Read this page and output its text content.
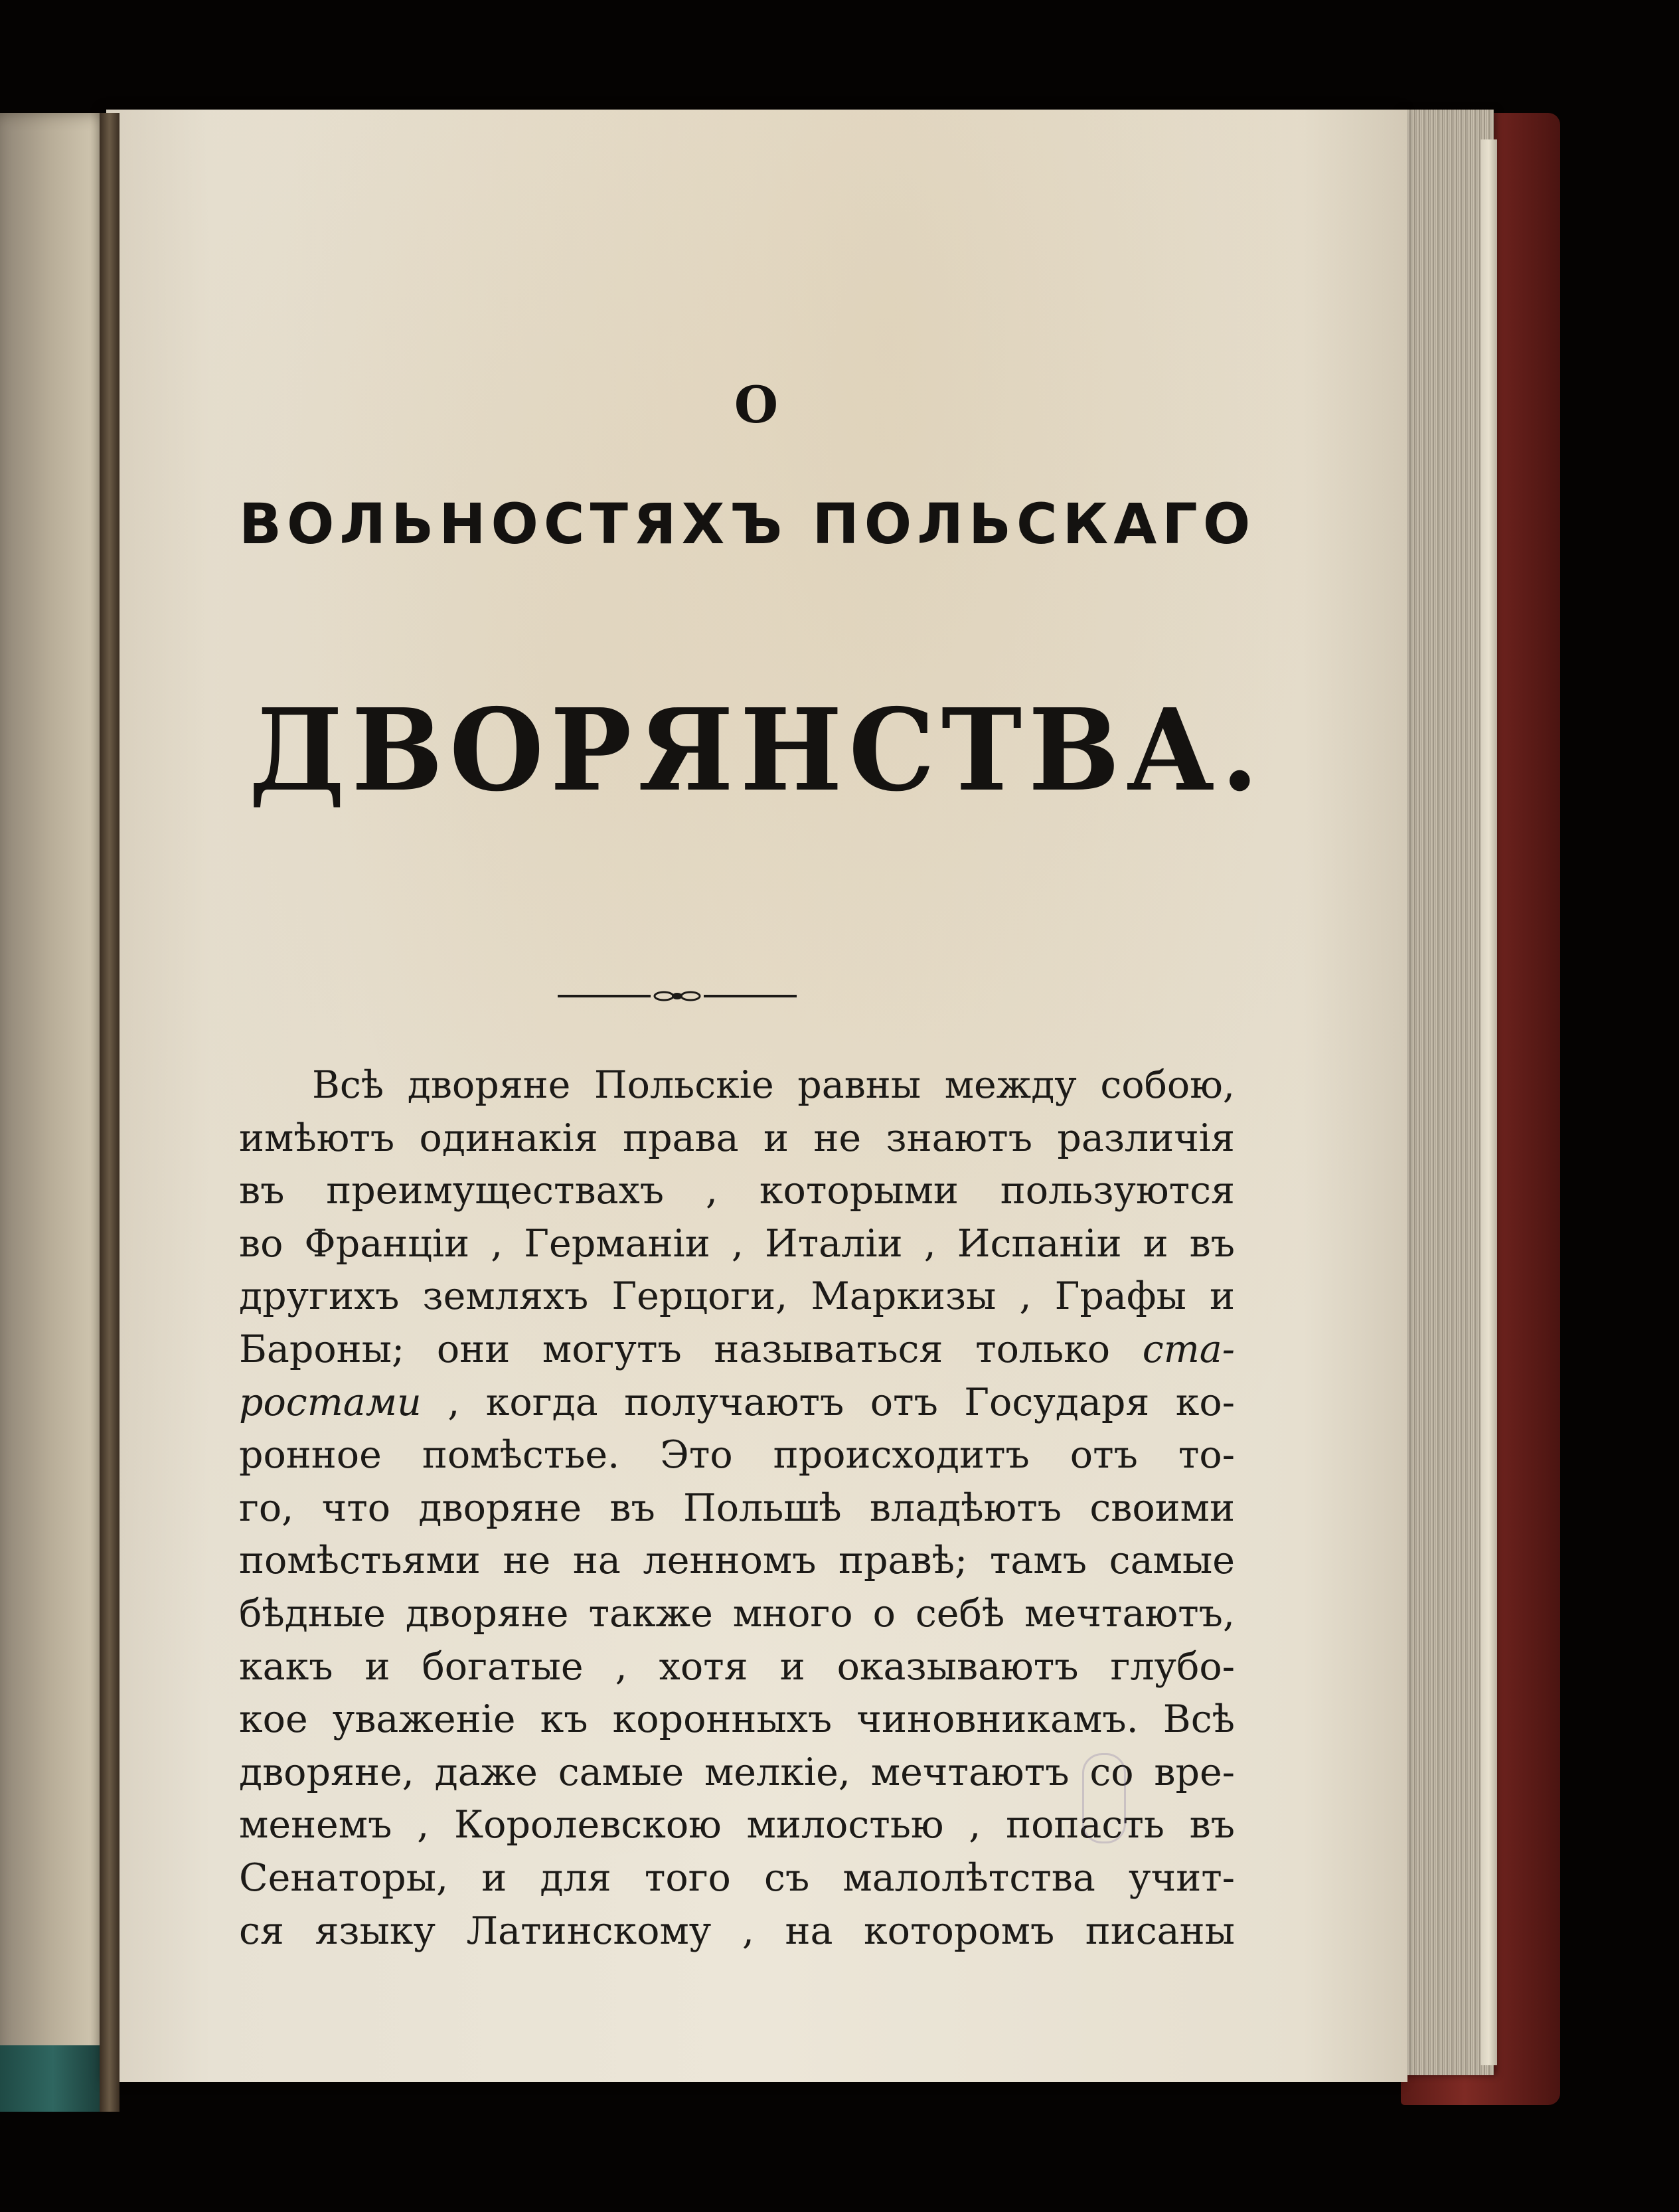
О
ВОЛЬНОСТЯХЪ ПОЛЬСКАГО
ДВОРЯНСТВА.
Всѣ дворяне Польскіе равны между собою,
имѣютъ одинакія права и не знаютъ различія
въ преимуществахъ , которыми пользуются
во Франціи , Германіи , Италіи , Испаніи и въ
другихъ земляхъ Герцоги, Маркизы , Графы и
Бароны; они могутъ называться только ста-
ростами , когда получаютъ отъ Государя ко-
ронное помѣстье. Это происходитъ отъ то-
го, что дворяне въ Польшѣ владѣютъ своими
помѣстьями не на ленномъ правѣ; тамъ самые
бѣдные дворяне также много о себѣ мечтаютъ,
какъ и богатые , хотя и оказываютъ глубо-
кое уваженіе къ коронныхъ чиновникамъ. Всѣ
дворяне, даже самые мелкіе, мечтаютъ со вре-
менемъ , Королевскою милостью , попасть въ
Сенаторы, и для того съ малолѣтства учит-
ся языку Латинскому , на которомъ писаны
